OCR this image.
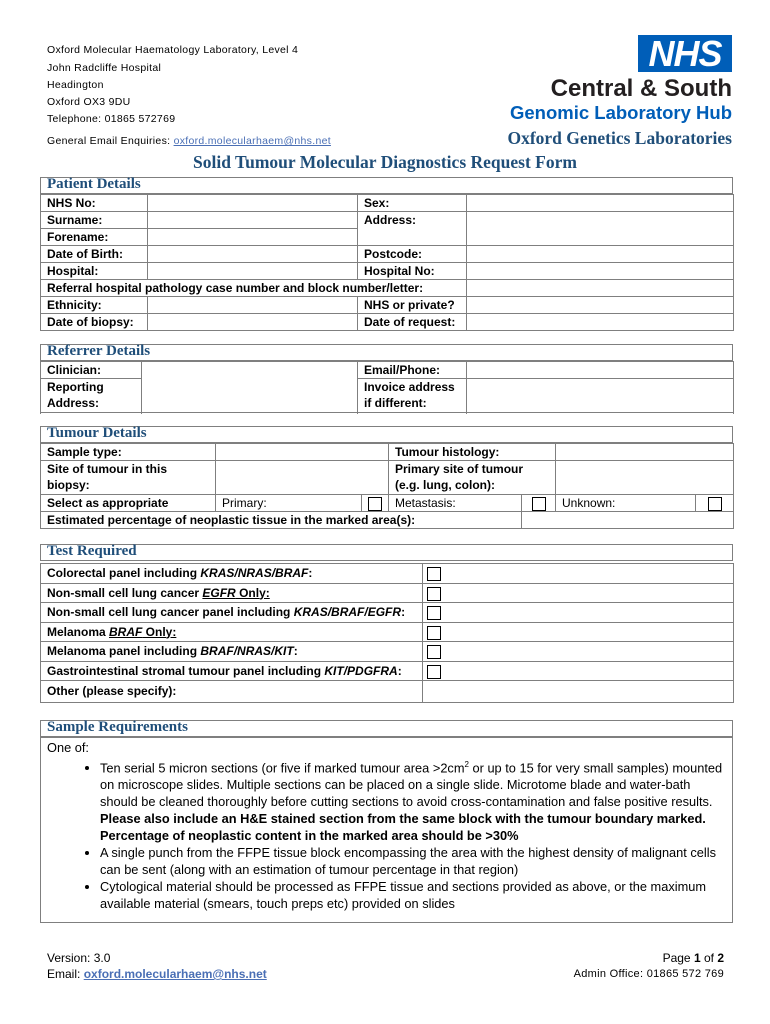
Oxford Molecular Haematology Laboratory, Level 4
John Radcliffe Hospital
Headington
Oxford OX3 9DU
Telephone: 01865 572769
General Email Enquiries: oxford.molecularhaem@nhs.net
NHS
Central & South
Genomic Laboratory Hub
Oxford Genetics Laboratories
Solid Tumour Molecular Diagnostics Request Form
Patient Details
NHS No:		Sex:	
Surname:		Address:	
Forename:			
Date of Birth:		Postcode:	
Hospital:		Hospital No:	
Referral hospital pathology case number and block number/letter:			
Ethnicity:		NHS or private?	
Date of biopsy:		Date of request:	
Referrer Details
Clinician:		Email/Phone:	
Reporting
Address:		Invoice address
if different:	

Tumour Details
Sample type:			Tumour histology:			
Site of tumour in this
biopsy:			Primary site of tumour
(e.g. lung, colon):			
Select as appropriate	Primary:		Metastasis:		Unknown:	
Estimated percentage of neoplastic tissue in the marked area(s):						
Test Required
Colorectal panel including KRAS/NRAS/BRAF:		
Non-small cell lung cancer EGFR Only:		
Non-small cell lung cancer panel including KRAS/BRAF/EGFR:		
Melanoma BRAF Only:		
Melanoma panel including BRAF/NRAS/KIT:		
Gastrointestinal stromal tumour panel including KIT/PDGFRA:		
Other (please specify):		
Sample Requirements
One of:
• Ten serial 5 micron sections (or five if marked tumour area $>2cm^2$ or up to 15 for very small samples) mounted on microscope slides. Multiple sections can be placed on a single slide. Microtome blade and water-bath should be cleaned thoroughly before cutting sections to avoid cross-contamination and false positive results.
Please also include an H&E stained section from the same block with the tumour boundary marked.
Percentage of neoplastic content in the marked area should be >30%
• A single punch from the FFPE tissue block encompassing the area with the highest density of malignant cells can be sent (along with an estimation of tumour percentage in that region)
• Cytological material should be processed as FFPE tissue and sections provided as above, or the maximum available material (smears, touch preps etc) provided on slides
Version: 3.0
Email: oxford.molecularhaem@nhs.net
Page 1 of 2
Admin Office: 01865 572 769
